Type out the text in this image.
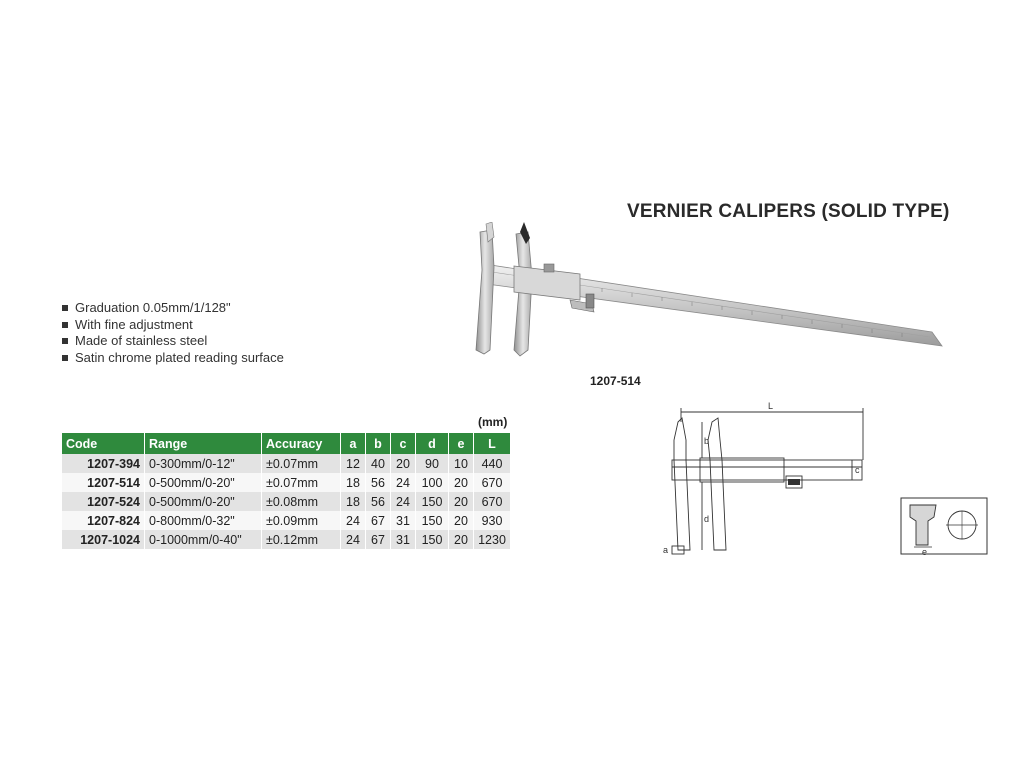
VERNIER CALIPERS (SOLID TYPE)
Graduation 0.05mm/1/128"
With fine adjustment
Made of stainless steel
Satin chrome plated reading surface
1207-514
(mm)
Code	Range	Accuracy	a	b	c	d	e	L
1207-394	0-300mm/0-12"	±0.07mm	12	40	20	90	10	440
1207-514	0-500mm/0-20"	±0.07mm	18	56	24	100	20	670
1207-524	0-500mm/0-20"	±0.08mm	18	56	24	150	20	670
1207-824	0-800mm/0-32"	±0.09mm	24	67	31	150	20	930
1207-1024	0-1000mm/0-40"	±0.12mm	24	67	31	150	20	1230
L
b
c
d
a	e
